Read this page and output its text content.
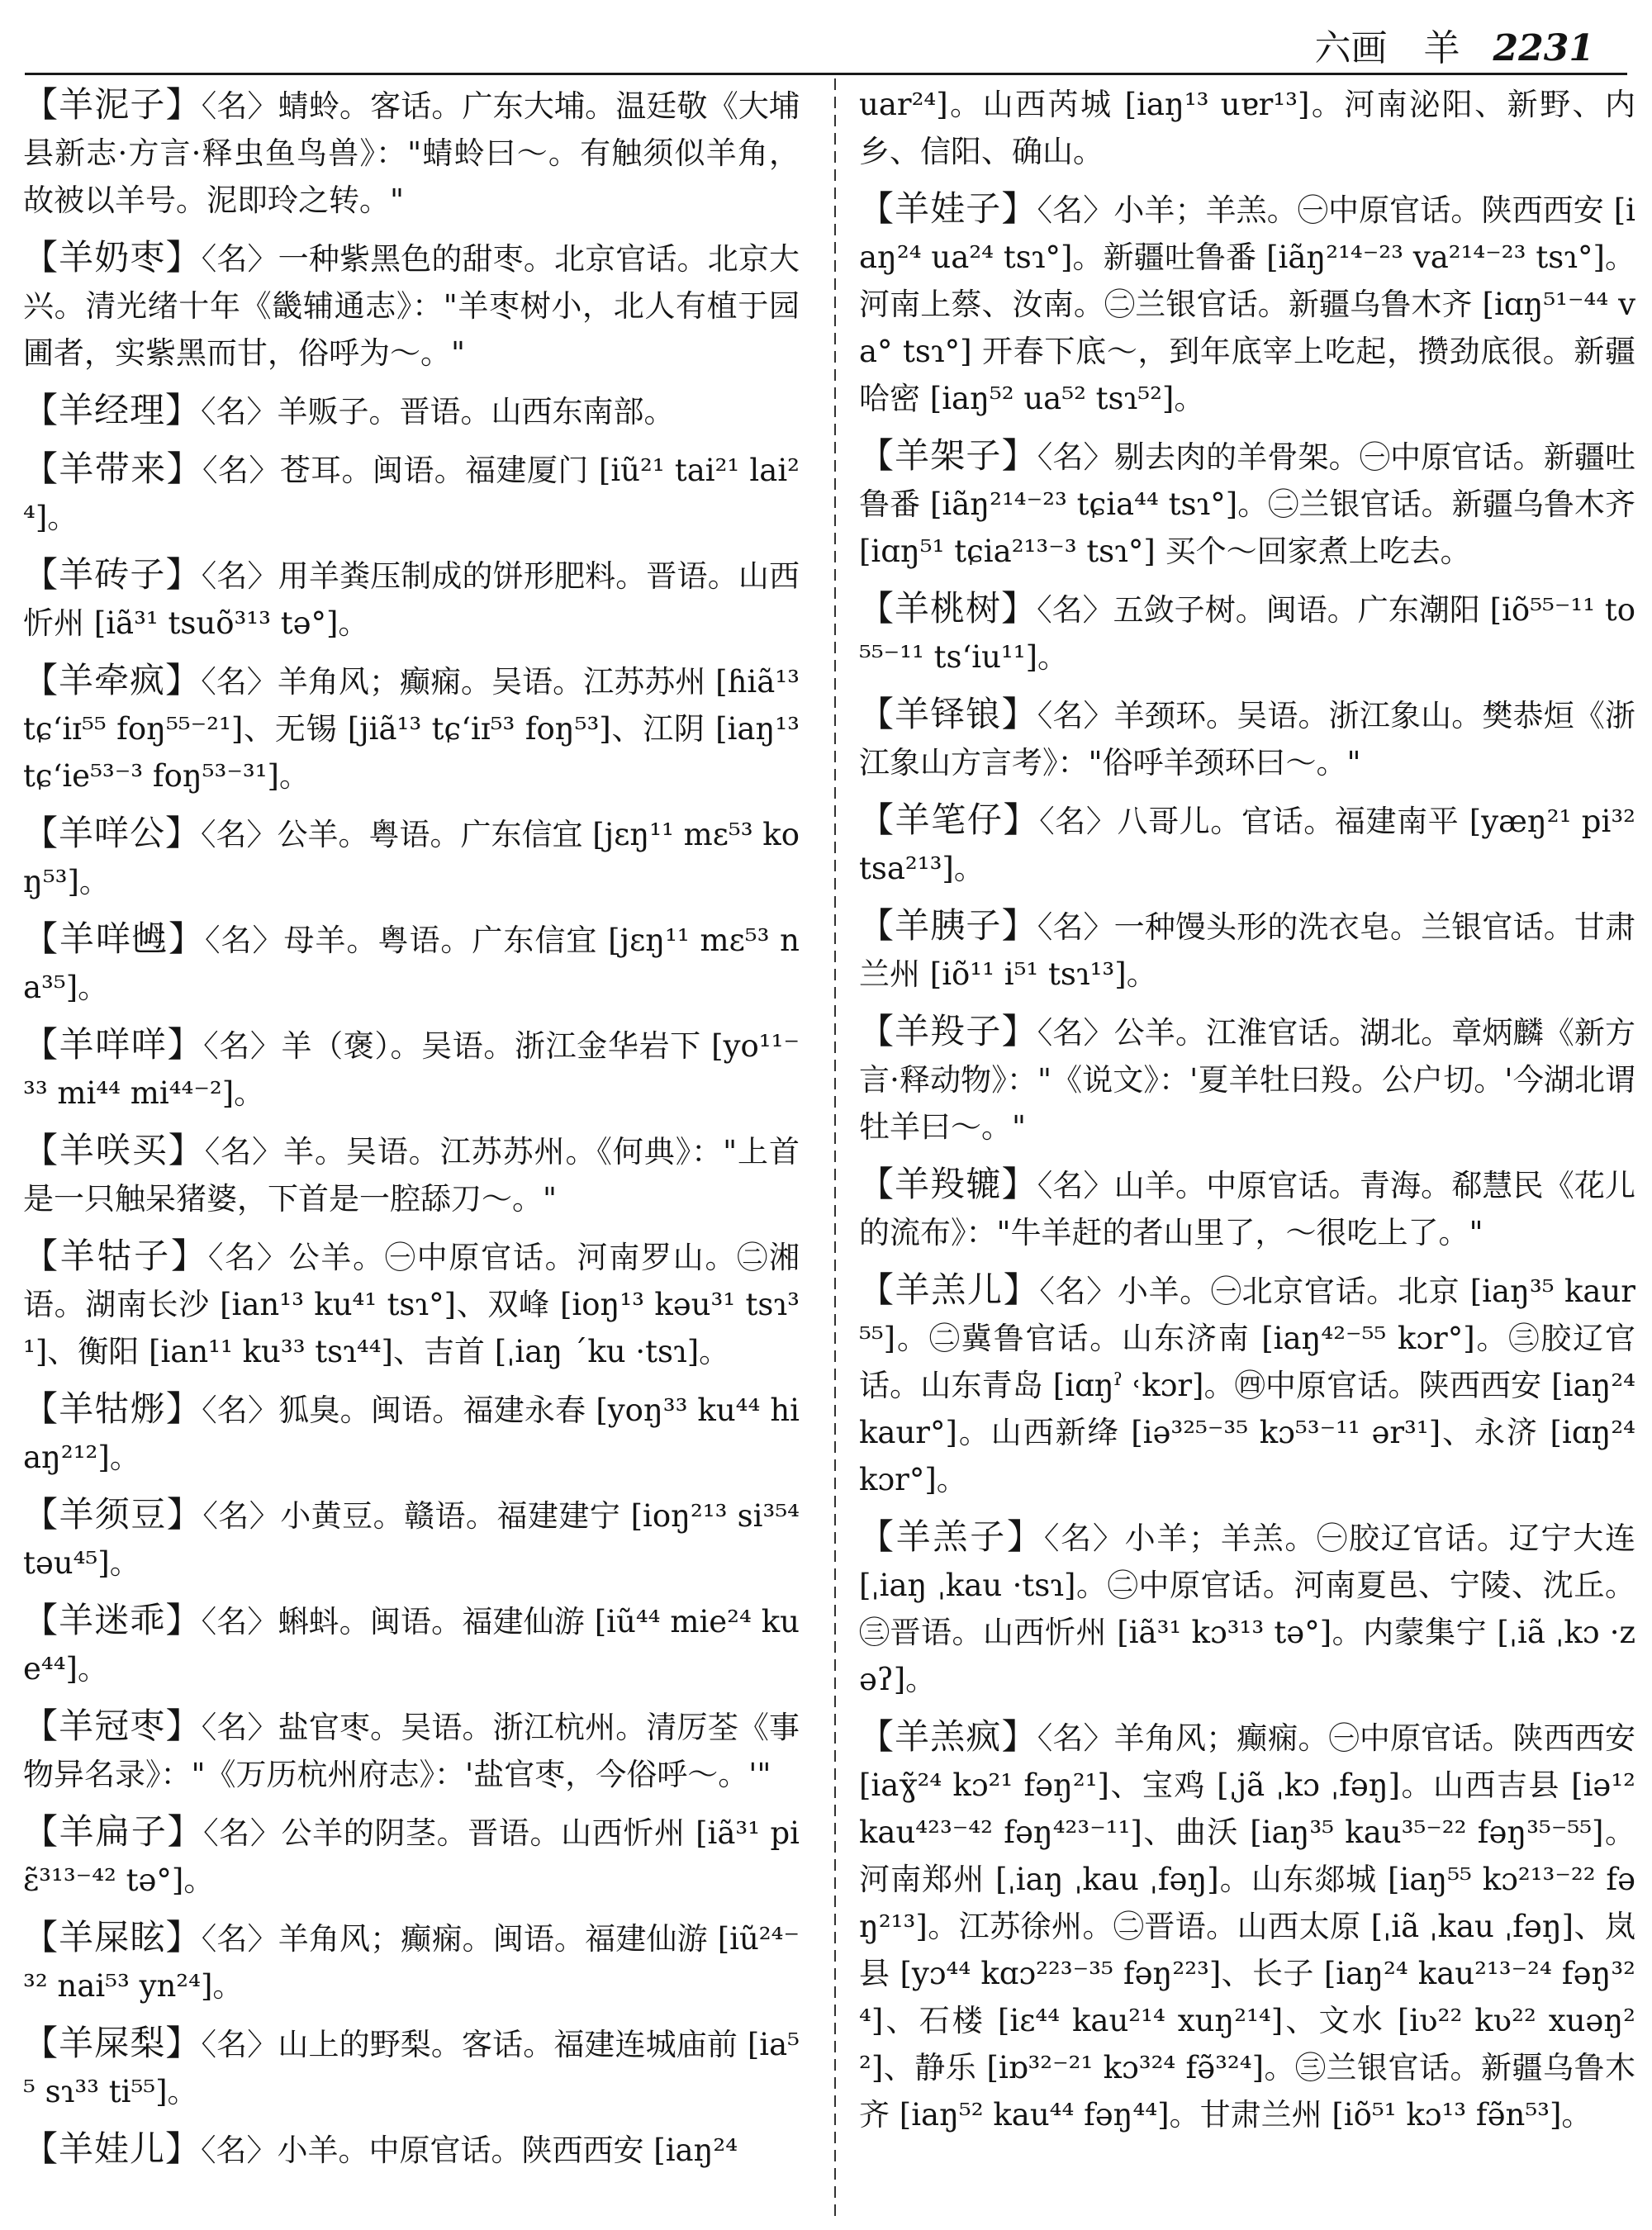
六画　羊 2231
【羊泥子】〈名〉蜻蛉。客话。广东大埔。温廷敬《大埔县新志·方言·释虫鱼鸟兽》："蜻蛉曰～。有触须似羊角，故被以羊号。泥即玲之转。"
【羊奶枣】〈名〉一种紫黑色的甜枣。北京官话。北京大兴。清光绪十年《畿辅通志》："羊枣树小，北人有植于园圃者，实紫黑而甘，俗呼为～。"
【羊经理】〈名〉羊贩子。晋语。山西东南部。
【羊带来】〈名〉苍耳。闽语。福建厦门 [iũ²¹ tai²¹ lai²⁴]。
【羊砖子】〈名〉用羊粪压制成的饼形肥料。晋语。山西忻州 [iã³¹ tsuõ³¹³ tə°]。
【羊牵疯】〈名〉羊角风；癫痫。吴语。江苏苏州 [ɦiã¹³ tɕʻiɪ⁵⁵ foŋ⁵⁵⁻²¹]、无锡 [jiã¹³ tɕʻiɪ⁵³ foŋ⁵³]、江阴 [iaŋ¹³ tɕʻie⁵³⁻³ foŋ⁵³⁻³¹]。
【羊咩公】〈名〉公羊。粤语。广东信宜 [jɛŋ¹¹ mɛ⁵³ koŋ⁵³]。
【羊咩乸】〈名〉母羊。粤语。广东信宜 [jɛŋ¹¹ mɛ⁵³ na³⁵]。
【羊咩咩】〈名〉羊（褒）。吴语。浙江金华岩下 [yo¹¹⁻³³ mi⁴⁴ mi⁴⁴⁻²]。
【羊咲买】〈名〉羊。吴语。江苏苏州。《何典》："上首是一只触呆猪婆，下首是一腔舔刀～。"
【羊牯子】〈名〉公羊。㊀中原官话。河南罗山。㊁湘语。湖南长沙 [ian¹³ ku⁴¹ tsɿ°]、双峰 [ioŋ¹³ kəu³¹ tsɿ³¹]、衡阳 [ian¹¹ ku³³ tsɿ⁴⁴]、吉首 [ˌiaŋ ˊku ·tsɿ]。
【羊牯烿】〈名〉狐臭。闽语。福建永春 [yoŋ³³ ku⁴⁴ hiaŋ²¹²]。
【羊须豆】〈名〉小黄豆。赣语。福建建宁 [ioŋ²¹³ si³⁵⁴ təu⁴⁵]。
【羊迷乖】〈名〉蝌蚪。闽语。福建仙游 [iũ⁴⁴ mie²⁴ kue⁴⁴]。
【羊冠枣】〈名〉盐官枣。吴语。浙江杭州。清厉荃《事物异名录》："《万历杭州府志》：'盐官枣，今俗呼～。'"
【羊扁子】〈名〉公羊的阴茎。晋语。山西忻州 [iã³¹ piɛ̃³¹³⁻⁴² tə°]。
【羊屎眩】〈名〉羊角风；癫痫。闽语。福建仙游 [iũ²⁴⁻³² nai⁵³ yn²⁴]。
【羊屎梨】〈名〉山上的野梨。客话。福建连城庙前 [ia⁵⁵ sɿ³³ ti⁵⁵]。
【羊娃儿】〈名〉小羊。中原官话。陕西西安 [iaŋ²⁴
uar²⁴]。山西芮城 [iaŋ¹³ uɐr¹³]。河南泌阳、新野、内乡、信阳、确山。
【羊娃子】〈名〉小羊；羊羔。㊀中原官话。陕西西安 [iaŋ²⁴ ua²⁴ tsɿ°]。新疆吐鲁番 [iãŋ²¹⁴⁻²³ va²¹⁴⁻²³ tsɿ°]。河南上蔡、汝南。㊁兰银官话。新疆乌鲁木齐 [iɑŋ⁵¹⁻⁴⁴ va° tsɿ°] 开春下底～，到年底宰上吃起，攒劲底很。新疆哈密 [iaŋ⁵² ua⁵² tsɿ⁵²]。
【羊架子】〈名〉剔去肉的羊骨架。㊀中原官话。新疆吐鲁番 [iãŋ²¹⁴⁻²³ tɕia⁴⁴ tsɿ°]。㊁兰银官话。新疆乌鲁木齐 [iɑŋ⁵¹ tɕia²¹³⁻³ tsɿ°] 买个～回家煮上吃去。
【羊桃树】〈名〉五敛子树。闽语。广东潮阳 [iõ⁵⁵⁻¹¹ to⁵⁵⁻¹¹ tsʻiu¹¹]。
【羊铎锒】〈名〉羊颈环。吴语。浙江象山。樊恭烜《浙江象山方言考》："俗呼羊颈环曰～。"
【羊笔仔】〈名〉八哥儿。官话。福建南平 [yæŋ²¹ pi³² tsa²¹³]。
【羊胰子】〈名〉一种馒头形的洗衣皂。兰银官话。甘肃兰州 [iõ¹¹ i⁵¹ tsɿ¹³]。
【羊羖子】〈名〉公羊。江淮官话。湖北。章炳麟《新方言·释动物》："《说文》：'夏羊牡曰羖。公户切。'今湖北谓牡羊曰～。"
【羊羖辘】〈名〉山羊。中原官话。青海。郗慧民《花儿的流布》："牛羊赶的者山里了，～很吃上了。"
【羊羔儿】〈名〉小羊。㊀北京官话。北京 [iaŋ³⁵ kaur⁵⁵]。㊁冀鲁官话。山东济南 [iaŋ⁴²⁻⁵⁵ kɔr°]。㊂胶辽官话。山东青岛 [iɑŋˀ ˓kɔr]。㊃中原官话。陕西西安 [iaŋ²⁴ kaur°]。山西新绛 [iə³²⁵⁻³⁵ kɔ⁵³⁻¹¹ ər³¹]、永济 [iɑŋ²⁴ kɔr°]。
【羊羔子】〈名〉小羊；羊羔。㊀胶辽官话。辽宁大连 [ˌiaŋ ˌkau ·tsɿ]。㊁中原官话。河南夏邑、宁陵、沈丘。㊂晋语。山西忻州 [iã³¹ kɔ³¹³ tə°]。内蒙集宁 [ˌiã ˌkɔ ·zəʔ]。
【羊羔疯】〈名〉羊角风；癫痫。㊀中原官话。陕西西安 [iaɣ̃²⁴ kɔ²¹ fəŋ²¹]、宝鸡 [ˌjã ˌkɔ ˌfəŋ]。山西吉县 [iə¹² kau⁴²³⁻⁴² fəŋ⁴²³⁻¹¹]、曲沃 [iaŋ³⁵ kau³⁵⁻²² fəŋ³⁵⁻⁵⁵]。河南郑州 [ˌiaŋ ˌkau ˌfəŋ]。山东郯城 [iaŋ⁵⁵ kɔ²¹³⁻²² fəŋ²¹³]。江苏徐州。㊁晋语。山西太原 [ˌiã ˌkau ˌfəŋ]、岚县 [yɔ⁴⁴ kɑɔ²²³⁻³⁵ fəŋ²²³]、长子 [iaŋ²⁴ kau²¹³⁻²⁴ fəŋ³²⁴]、石楼 [iɛ⁴⁴ kau²¹⁴ xuŋ²¹⁴]、文水 [iʋ²² kʋ²² xuəŋ²²]、静乐 [iɒ³²⁻²¹ kɔ³²⁴ fə̃³²⁴]。㊂兰银官话。新疆乌鲁木齐 [iaŋ⁵² kau⁴⁴ fəŋ⁴⁴]。甘肃兰州 [iõ⁵¹ kɔ¹³ fə̃n⁵³]。
